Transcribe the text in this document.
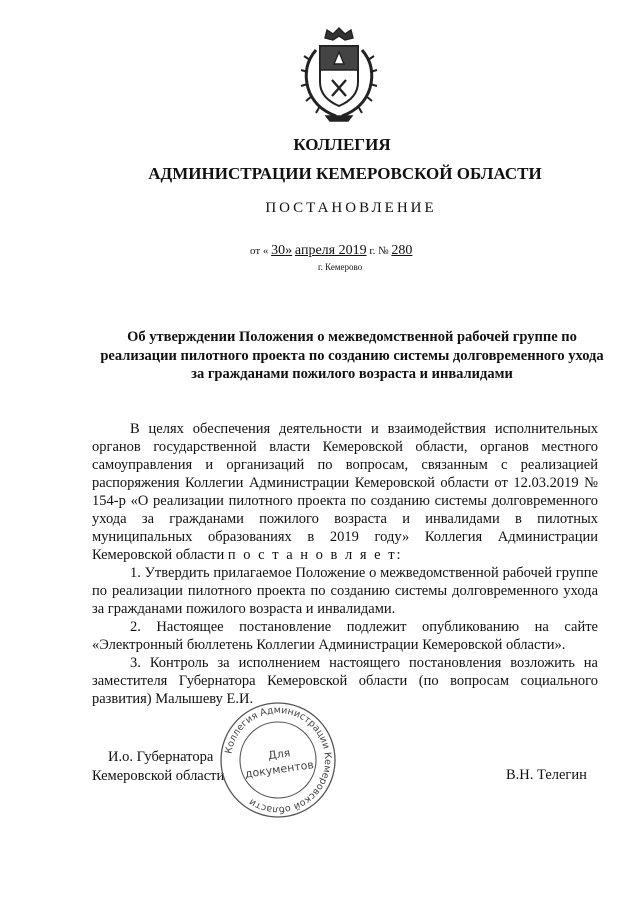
КОЛЛЕГИЯ
АДМИНИСТРАЦИИ КЕМЕРОВСКОЙ ОБЛАСТИ
ПОСТАНОВЛЕНИЕ
от « 30» апреля 2019 г. № 280
г. Кемерово
Об утверждении Положения о межведомственной рабочей группе по реализации пилотного проекта по созданию системы долговременного ухода за гражданами пожилого возраста и инвалидами

В целях обеспечения деятельности и взаимодействия исполнительных органов государственной власти Кемеровской области, органов местного самоуправления и организаций по вопросам, связанным с реализацией распоряжения Коллегии Администрации Кемеровской области от 12.03.2019 № 154-р «О реализации пилотного проекта по созданию системы долговременного ухода за гражданами пожилого возраста и инвалидами в пилотных муниципальных образованиях в 2019 году» Коллегия Администрации Кемеровской области п о с т а н о в л я е т:

1. Утвердить прилагаемое Положение о межведомственной рабочей группе по реализации пилотного проекта по созданию системы долговременного ухода за гражданами пожилого возраста и инвалидами.

2. Настоящее постановление подлежит опубликованию на сайте «Электронный бюллетень Коллегии Администрации Кемеровской области».

3. Контроль за исполнением настоящего постановления возложить на заместителя Губернатора Кемеровской области (по вопросам социального развития) Малышеву Е.И.

И.о. Губернатора
Кемеровской области	В.Н. Телегин
Коллегия Администрации Кемеровской области
Для
документов
